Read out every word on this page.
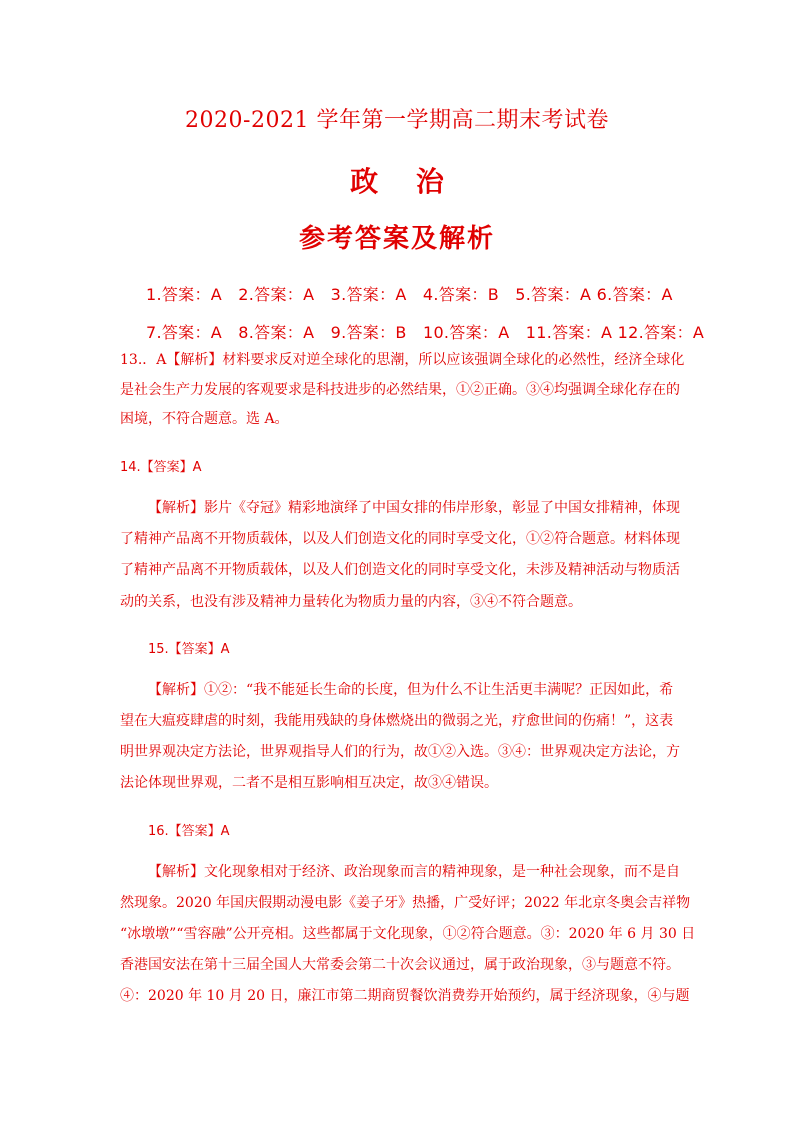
2020-2021 学年第一学期高二期末考试卷
政 治
参考答案及解析
1.答案：A　2.答案：A　3.答案：A　4.答案：B　5.答案：A 6.答案：A
7.答案：A　8.答案：A　9.答案：B　10.答案：A　11.答案：A 12.答案：A
13.．A【解析】材料要求反对逆全球化的思潮，所以应该强调全球化的必然性，经济全球化
是社会生产力发展的客观要求是科技进步的必然结果，①②正确。③④均强调全球化存在的
困境，不符合题意。选 A。
14.【答案】A
【解析】影片《夺冠》精彩地演绎了中国女排的伟岸形象，彰显了中国女排精神，体现
了精神产品离不开物质载体，以及人们创造文化的同时享受文化，①②符合题意。材料体现
了精神产品离不开物质载体，以及人们创造文化的同时享受文化，未涉及精神活动与物质活
动的关系，也没有涉及精神力量转化为物质力量的内容，③④不符合题意。
15.【答案】A
【解析】①②：“我不能延长生命的长度，但为什么不让生活更丰满呢？正因如此，希
望在大瘟疫肆虐的时刻，我能用残缺的身体燃烧出的微弱之光，疗愈世间的伤痛！”，这表
明世界观决定方法论，世界观指导人们的行为，故①②入选。③④：世界观决定方法论，方
法论体现世界观，二者不是相互影响相互决定，故③④错误。
16.【答案】A
【解析】文化现象相对于经济、政治现象而言的精神现象，是一种社会现象，而不是自
然现象。2020 年国庆假期动漫电影《姜子牙》热播，广受好评；2022 年北京冬奥会吉祥物
“冰墩墩”“雪容融”公开亮相。这些都属于文化现象，①②符合题意。③：2020 年 6 月 30 日
香港国安法在第十三届全国人大常委会第二十次会议通过，属于政治现象，③与题意不符。
④：2020 年 10 月 20 日，廉江市第二期商贸餐饮消费券开始预约，属于经济现象，④与题
